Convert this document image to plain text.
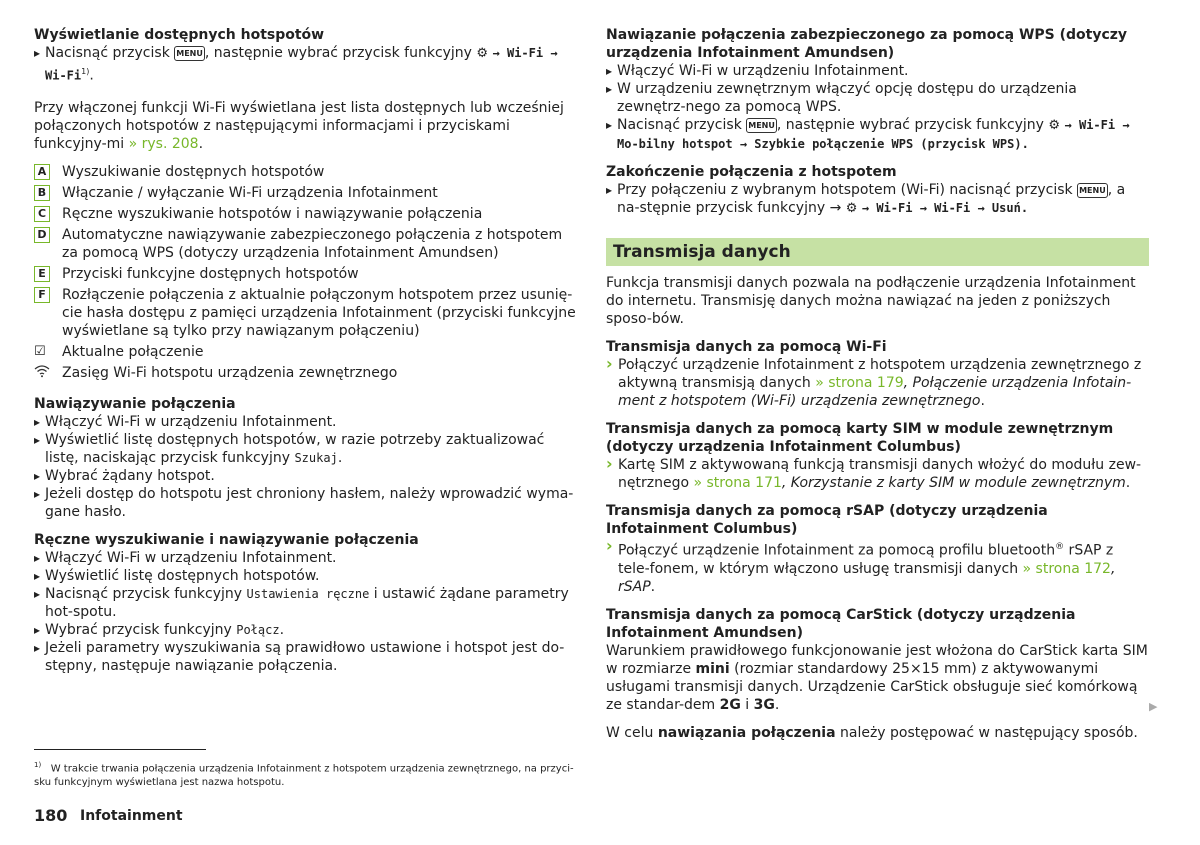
Wyświetlanie dostępnych hotspotów

▸ Nacisnąć przycisk MENU , następnie wybrać przycisk funkcyjny ⚙ → $Wi-Fi \to Wi-Fi^{1)}$.

Przy włączonej funkcji Wi-Fi wyświetlana jest lista dostępnych lub wcześniej połączonych hotspotów z następującymi informacjami i przyciskami funkcyjny-mi » rys. 208.

A Wyszukiwanie dostępnych hotspotów
B Włączanie / wyłączanie Wi-Fi urządzenia Infotainment
C Ręczne wyszukiwanie hotspotów i nawiązywanie połączenia
D Automatyczne nawiązywanie zabezpieczonego połączenia z hotspotem za pomocą WPS (dotyczy urządzenia Infotainment Amundsen)
E	Przyciski funkcyjne dostępnych hotspotów
F	Rozłączenie połączenia z aktualnie połączonym hotspotem przez usunię-cie hasła dostępu z pamięci urządzenia Infotainment (przyciski funkcyjne wyświetlane są tylko przy nawiązanym połączeniu)
☑ Aktualne połączenie
Zasięg Wi-Fi hotspotu urządzenia zewnętrznego

Nawiązywanie połączenia

▸ Włączyć Wi-Fi w urządzeniu Infotainment.
▸ Wyświetlić listę dostępnych hotspotów, w razie potrzeby zaktualizować listę, naciskając przycisk funkcyjny Szukaj.
▸ Wybrać żądany hotspot.
▸ Jeżeli dostęp do hotspotu jest chroniony hasłem, należy wprowadzić wyma-gane hasło.

Ręczne wyszukiwanie i nawiązywanie połączenia

▸ Włączyć Wi-Fi w urządzeniu Infotainment.
▸ Wyświetlić listę dostępnych hotspotów.
▸ Nacisnąć przycisk funkcyjny Ustawienia ręczne i ustawić żądane parametry hot-spotu.
▸ Wybrać przycisk funkcyjny Połącz.
▸ Jeżeli parametry wyszukiwania są prawidłowo ustawione i hotspot jest do-stępny, następuje nawiązanie połączenia.

Nawiązanie połączenia zabezpieczonego za pomocą WPS (dotyczy urządzenia Infotainment Amundsen)

▸ Włączyć Wi-Fi w urządzeniu Infotainment.
▸ W urządzeniu zewnętrznym włączyć opcję dostępu do urządzenia zewnętrz-nego za pomocą WPS.
▸ Nacisnąć przycisk MENU , następnie wybrać przycisk funkcyjny ⚙ → Wi-Fi → Mo-bilny hotspot → Szybkie połączenie WPS (przycisk WPS).

Zakończenie połączenia z hotspotem

▸ Przy połączeniu z wybranym hotspotem (Wi-Fi) nacisnąć przycisk MENU , a na-stępnie przycisk funkcyjny → ⚙ → Wi-Fi → Wi-Fi → Usuń.
Transmisja danych

Funkcja transmisji danych pozwala na podłączenie urządzenia Infotainment do internetu. Transmisję danych można nawiązać na jeden z poniższych sposo-bów.

Transmisja danych za pomocą Wi-Fi

› Połączyć urządzenie Infotainment z hotspotem urządzenia zewnętrznego z aktywną transmisją danych » strona 179, Połączenie urządzenia Infotain-ment z hotspotem (Wi-Fi) urządzenia zewnętrznego.

Transmisja danych za pomocą karty SIM w module zewnętrznym (dotyczy urządzenia Infotainment Columbus)

› Kartę SIM z aktywowaną funkcją transmisji danych włożyć do modułu zew-nętrznego » strona 171, Korzystanie z karty SIM w module zewnętrznym.

Transmisja danych za pomocą rSAP (dotyczy urządzenia Infotainment Columbus)

› Połączyć urządzenie Infotainment za pomocą profilu bluetooth® rSAP z tele-fonem, w którym włączono usługę transmisji danych » strona 172, rSAP.

Transmisja danych za pomocą CarStick (dotyczy urządzenia Infotainment Amundsen)

Warunkiem prawidłowego funkcjonowanie jest włożona do CarStick karta SIM w rozmiarze mini (rozmiar standardowy 25×15 mm) z aktywowanymi usługami transmisji danych. Urządzenie CarStick obsługuje sieć komórkową ze standar-dem 2G i 3G.

W celu nawiązania połączenia należy postępować w następujący sposób.

▶
$^{1)}$ W trakcie trwania połączenia urządzenia Infotainment z hotspotem urządzenia zewnętrznego, na przyci-sku funkcyjnym wyświetlana jest nazwa hotspotu.
180 Infotainment
